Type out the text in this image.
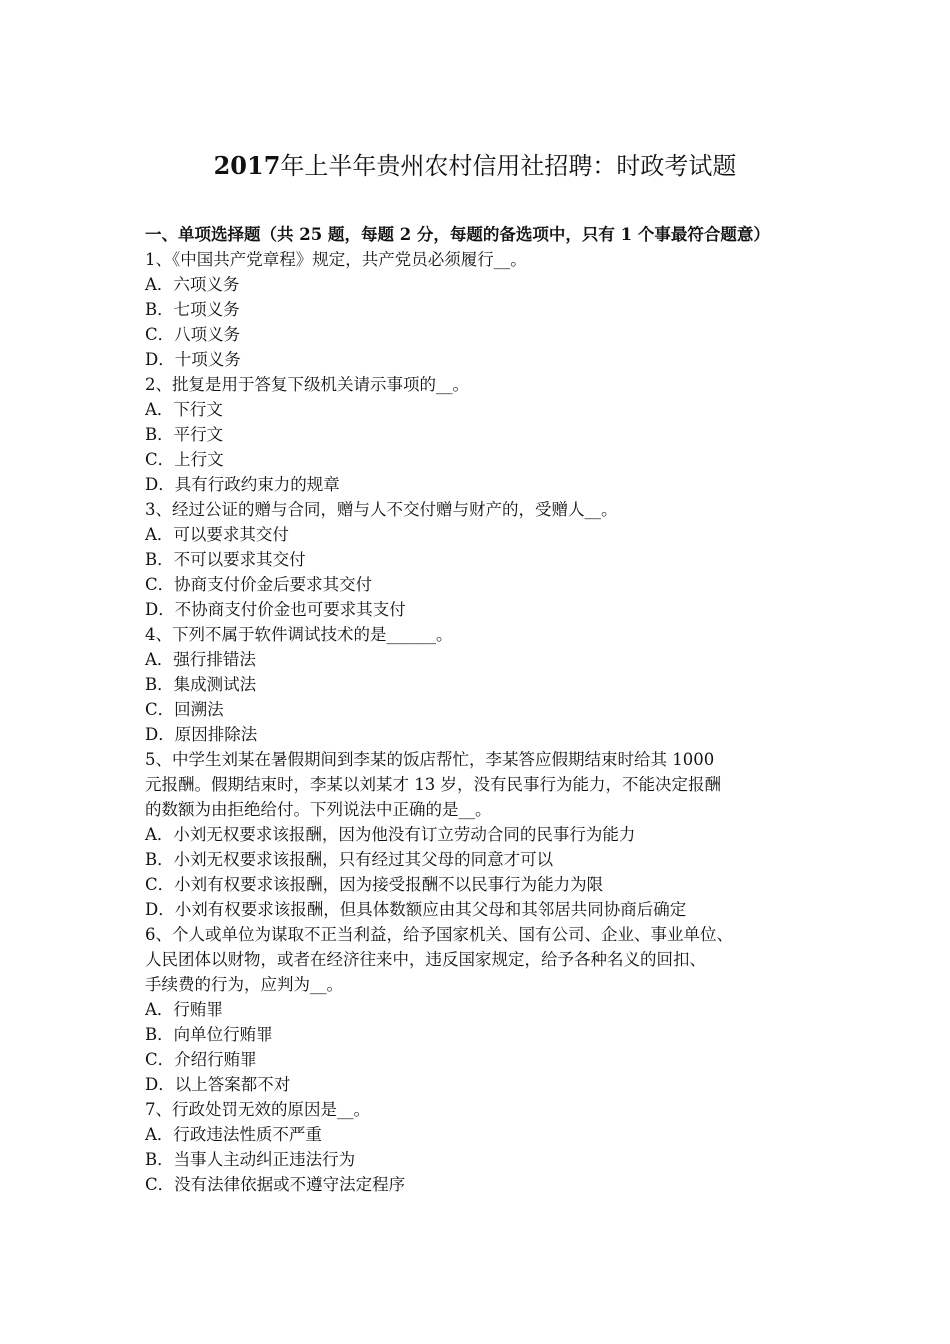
2017年上半年贵州农村信用社招聘：时政考试题

一、单项选择题（共 25 题，每题 2 分，每题的备选项中，只有 1 个事最符合题意）

1、《中国共产党章程》规定，共产党员必须履行__。

A．六项义务

B．七项义务

C．八项义务

D．十项义务

2、批复是用于答复下级机关请示事项的__。

A．下行文

B．平行文

C．上行文

D．具有行政约束力的规章

3、经过公证的赠与合同，赠与人不交付赠与财产的，受赠人__。

A．可以要求其交付

B．不可以要求其交付

C．协商支付价金后要求其交付

D．不协商支付价金也可要求其支付

4、下列不属于软件调试技术的是______。

A．强行排错法

B．集成测试法

C．回溯法

D．原因排除法

5、中学生刘某在暑假期间到李某的饭店帮忙，李某答应假期结束时给其 1000

元报酬。假期结束时，李某以刘某才 13 岁，没有民事行为能力，不能决定报酬

的数额为由拒绝给付。下列说法中正确的是__。

A．小刘无权要求该报酬，因为他没有订立劳动合同的民事行为能力

B．小刘无权要求该报酬，只有经过其父母的同意才可以

C．小刘有权要求该报酬，因为接受报酬不以民事行为能力为限

D．小刘有权要求该报酬，但具体数额应由其父母和其邻居共同协商后确定

6、个人或单位为谋取不正当利益，给予国家机关、国有公司、企业、事业单位、

人民团体以财物，或者在经济往来中，违反国家规定，给予各种名义的回扣、

手续费的行为，应判为__。

A．行贿罪

B．向单位行贿罪

C．介绍行贿罪

D．以上答案都不对

7、行政处罚无效的原因是__。

A．行政违法性质不严重

B．当事人主动纠正违法行为

C．没有法律依据或不遵守法定程序
